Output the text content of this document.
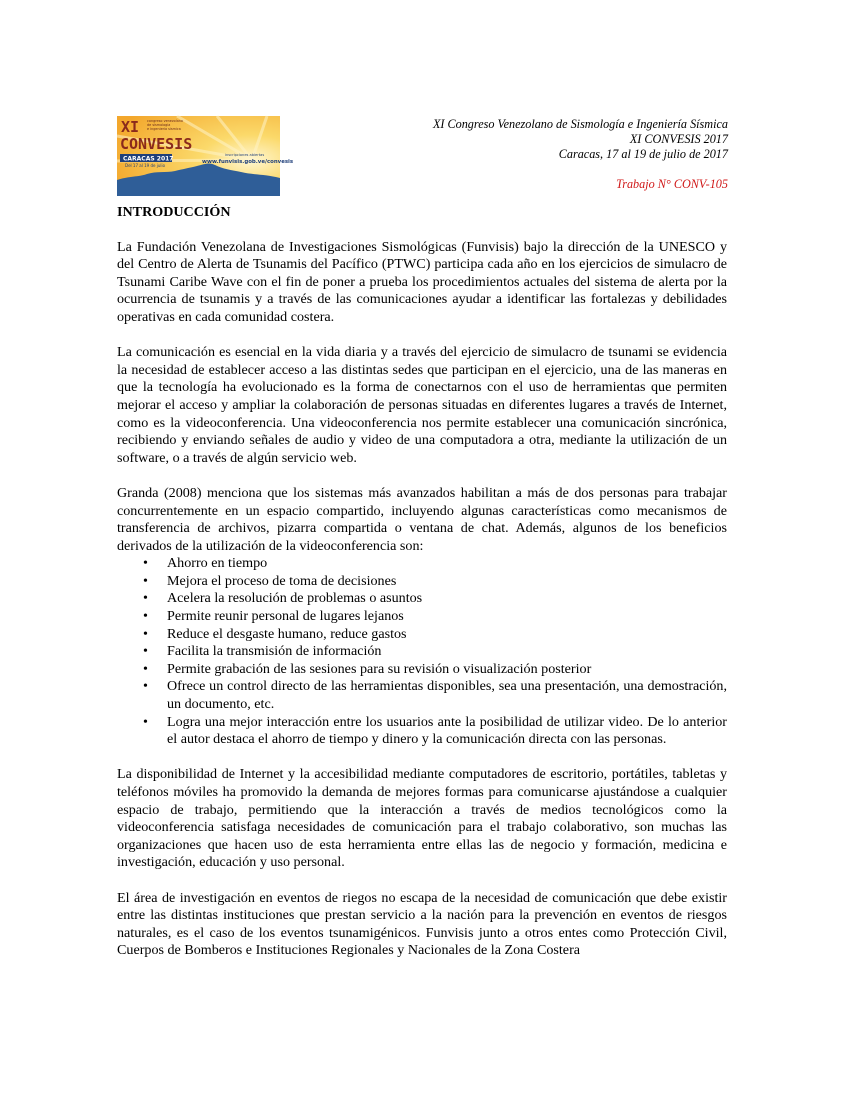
XI
CONVESIS
congreso venezolano
de sismologia
e ingenieria sismica
CARACAS 2017
Del 17 al 19 de julio
inscripciones abiertas
www.funvisis.gob.ve/convesis
XI Congreso Venezolano de Sismología e Ingeniería Sísmica
XI CONVESIS 2017
Caracas, 17 al 19 de julio de 2017
Trabajo N° CONV-105
INTRODUCCIÓN

La Fundación Venezolana de Investigaciones Sismológicas (Funvisis) bajo la dirección de la UNESCO y del Centro de Alerta de Tsunamis del Pacífico (PTWC) participa cada año en los ejercicios de simulacro de Tsunami Caribe Wave con el fin de poner a prueba los procedimientos actuales del sistema de alerta por la ocurrencia de tsunamis y a través de las comunicaciones ayudar a identificar las fortalezas y debilidades operativas en cada comunidad costera.

La comunicación es esencial en la vida diaria y a través del ejercicio de simulacro de tsunami se evidencia la necesidad de establecer acceso a las distintas sedes que participan en el ejercicio, una de las maneras en que la tecnología ha evolucionado es la forma de conectarnos con el uso de herramientas que permiten mejorar el acceso y ampliar la colaboración de personas situadas en diferentes lugares a través de Internet, como es la videoconferencia. Una videoconferencia nos permite establecer una comunicación sincrónica, recibiendo y enviando señales de audio y video de una computadora a otra, mediante la utilización de un software, o a través de algún servicio web.

Granda (2008) menciona que los sistemas más avanzados habilitan a más de dos personas para trabajar concurrentemente en un espacio compartido, incluyendo algunas características como mecanismos de transferencia de archivos, pizarra compartida o ventana de chat. Además, algunos de los beneficios derivados de la utilización de la videoconferencia son:

• Ahorro en tiempo
• Mejora el proceso de toma de decisiones
• Acelera la resolución de problemas o asuntos
• Permite reunir personal de lugares lejanos
• Reduce el desgaste humano, reduce gastos
• Facilita la transmisión de información
• Permite grabación de las sesiones para su revisión o visualización posterior
• Ofrece un control directo de las herramientas disponibles, sea una presentación, una demostración, un documento, etc.
• Logra una mejor interacción entre los usuarios ante la posibilidad de utilizar video. De lo anterior el autor destaca el ahorro de tiempo y dinero y la comunicación directa con las personas.

La disponibilidad de Internet y la accesibilidad mediante computadores de escritorio, portátiles, tabletas y teléfonos móviles ha promovido la demanda de mejores formas para comunicarse ajustándose a cualquier espacio de trabajo, permitiendo que la interacción a través de medios tecnológicos como la videoconferencia satisfaga necesidades de comunicación para el trabajo colaborativo, son muchas las organizaciones que hacen uso de esta herramienta entre ellas las de negocio y formación, medicina e investigación, educación y uso personal.

El área de investigación en eventos de riegos no escapa de la necesidad de comunicación que debe existir entre las distintas instituciones que prestan servicio a la nación para la prevención en eventos de riesgos naturales, es el caso de los eventos tsunamigénicos. Funvisis junto a otros entes como Protección Civil, Cuerpos de Bomberos e Instituciones Regionales y Nacionales de la Zona Costera
